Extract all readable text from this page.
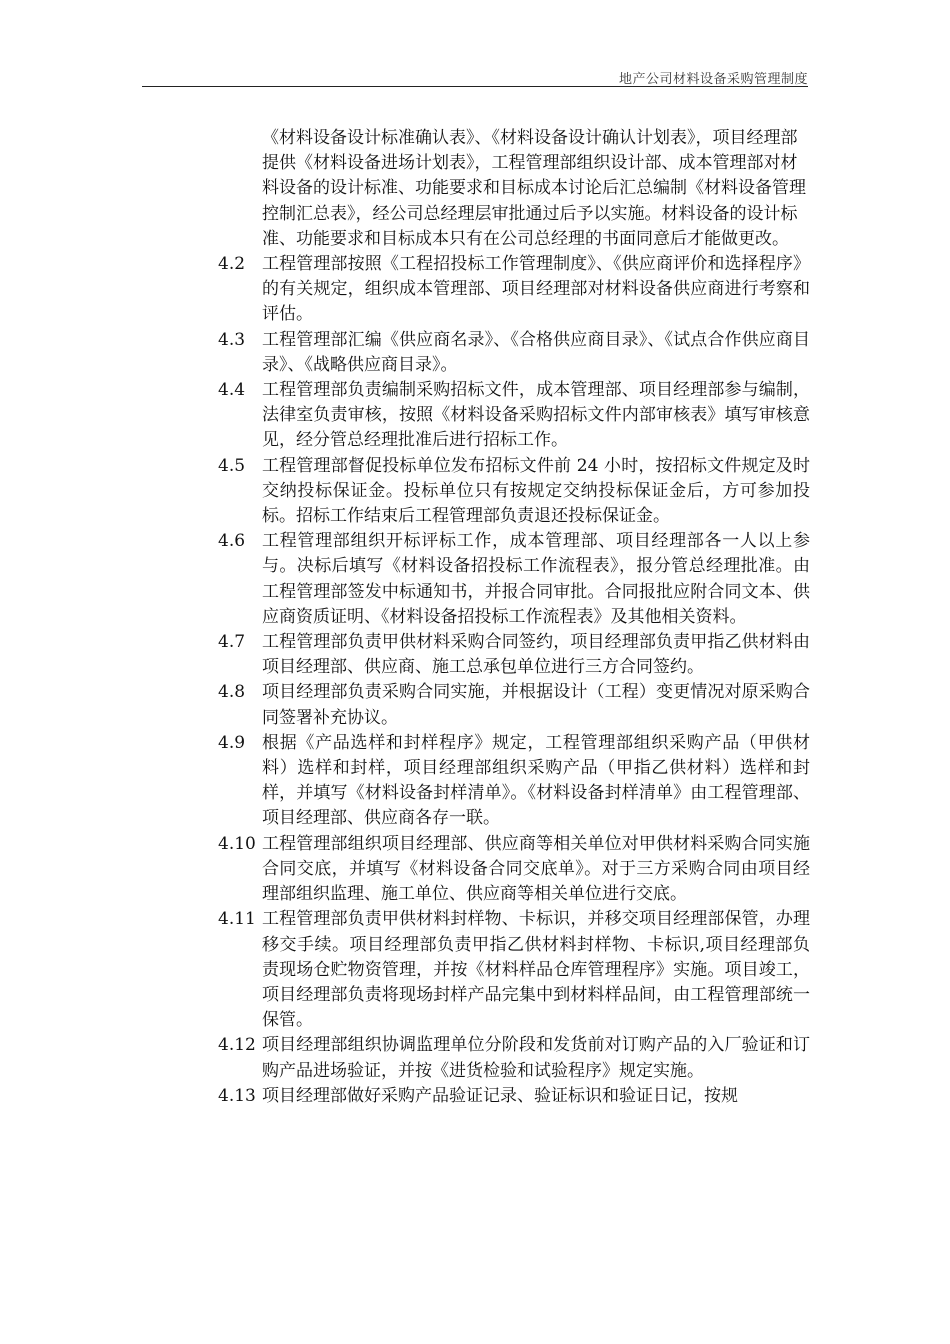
地产公司材料设备采购管理制度
《材料设备设计标准确认表》、《材料设备设计确认计划表》，项目经理部提供《材料设备进场计划表》，工程管理部组织设计部、成本管理部对材料设备的设计标准、功能要求和目标成本讨论后汇总编制《材料设备管理控制汇总表》，经公司总经理层审批通过后予以实施。材料设备的设计标准、功能要求和目标成本只有在公司总经理的书面同意后才能做更改。
4.2 工程管理部按照《工程招投标工作管理制度》、《供应商评价和选择程序》的有关规定，组织成本管理部、项目经理部对材料设备供应商进行考察和评估。
4.3 工程管理部汇编《供应商名录》、《合格供应商目录》、《试点合作供应商目录》、《战略供应商目录》。
4.4 工程管理部负责编制采购招标文件，成本管理部、项目经理部参与编制，法律室负责审核，按照《材料设备采购招标文件内部审核表》填写审核意见，经分管总经理批准后进行招标工作。
4.5 工程管理部督促投标单位发布招标文件前 24 小时，按招标文件规定及时交纳投标保证金。投标单位只有按规定交纳投标保证金后，方可参加投标。招标工作结束后工程管理部负责退还投标保证金。
4.6 工程管理部组织开标评标工作，成本管理部、项目经理部各一人以上参与。决标后填写《材料设备招投标工作流程表》，报分管总经理批准。由工程管理部签发中标通知书，并报合同审批。合同报批应附合同文本、供应商资质证明、《材料设备招投标工作流程表》及其他相关资料。
4.7 工程管理部负责甲供材料采购合同签约，项目经理部负责甲指乙供材料由项目经理部、供应商、施工总承包单位进行三方合同签约。
4.8 项目经理部负责采购合同实施，并根据设计（工程）变更情况对原采购合同签署补充协议。
4.9 根据《产品选样和封样程序》规定，工程管理部组织采购产品（甲供材料）选样和封样，项目经理部组织采购产品（甲指乙供材料）选样和封样，并填写《材料设备封样清单》。《材料设备封样清单》由工程管理部、项目经理部、供应商各存一联。
4.10 工程管理部组织项目经理部、供应商等相关单位对甲供材料采购合同实施合同交底，并填写《材料设备合同交底单》。对于三方采购合同由项目经理部组织监理、施工单位、供应商等相关单位进行交底。
4.11 工程管理部负责甲供材料封样物、卡标识，并移交项目经理部保管，办理移交手续。项目经理部负责甲指乙供材料封样物、卡标识,项目经理部负责现场仓贮物资管理，并按《材料样品仓库管理程序》实施。项目竣工，项目经理部负责将现场封样产品完集中到材料样品间，由工程管理部统一保管。
4.12 项目经理部组织协调监理单位分阶段和发货前对订购产品的入厂验证和订购产品进场验证，并按《进货检验和试验程序》规定实施。
4.13 项目经理部做好采购产品验证记录、验证标识和验证日记，按规
